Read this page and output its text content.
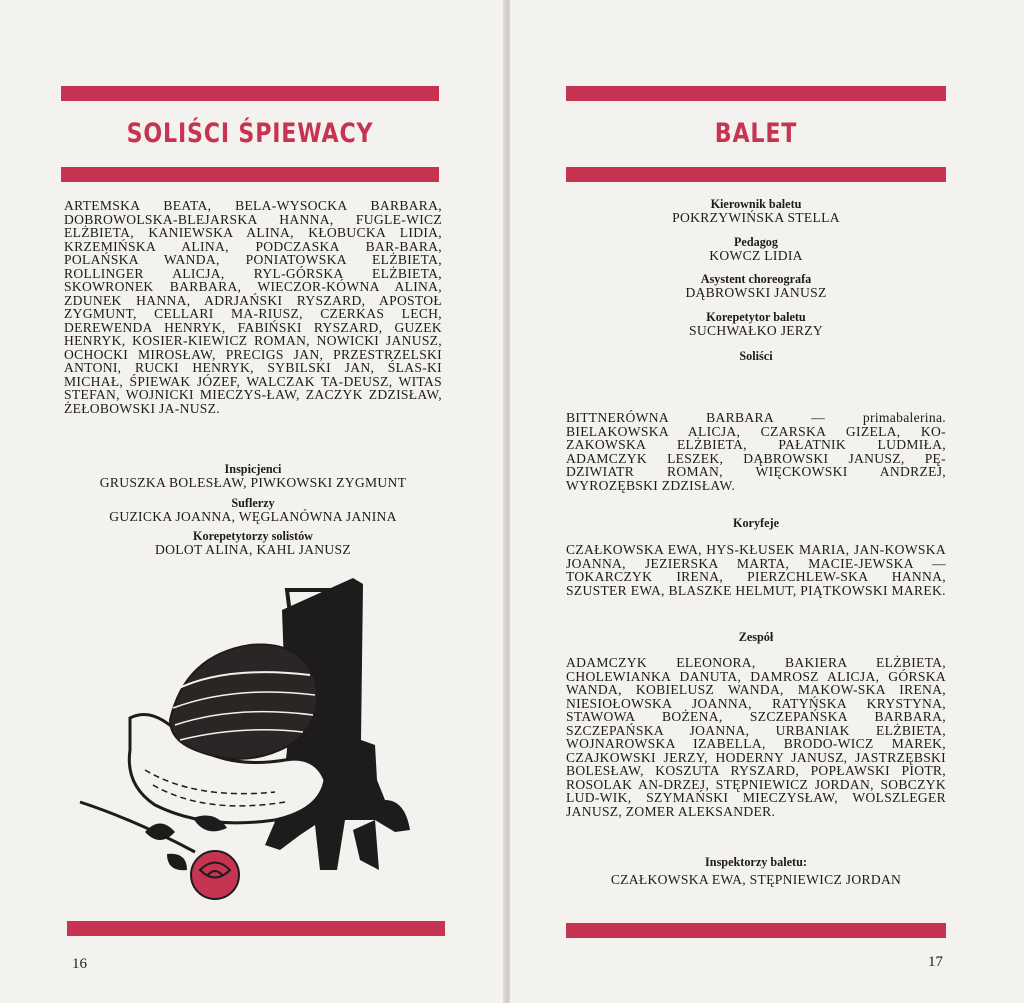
SOLIŚCI ŚPIEWACY
ARTEMSKA BEATA, BELA-WYSOCKA BARBARA, DOBROWOLSKA-BLEJARSKA HANNA, FUGLE-WICZ ELŻBIETA, KANIEWSKA ALINA, KŁOBUCKA LIDIA, KRZEMIŃSKA ALINA, PODCZASKA BAR-BARA, POLAŃSKA WANDA, PONIATOWSKA ELŻBIETA, ROLLINGER ALICJA, RYL-GÓRSKA ELŻBIETA, SKOWRONEK BARBARA, WIECZOR-KÓWNA ALINA, ZDUNEK HANNA, ADRJAŃSKI RYSZARD, APOSTOŁ ZYGMUNT, CELLARI MA-RIUSZ, CZERKAS LECH, DEREWENDA HENRYK, FABIŃSKI RYSZARD, GUZEK HENRYK, KOSIER-KIEWICZ ROMAN, NOWICKI JANUSZ, OCHOCKI MIROSŁAW, PRECIGS JAN, PRZESTRZELSKI ANTONI, RUCKI HENRYK, SYBILSKI JAN, ŚLAS-KI MICHAŁ, ŚPIEWAK JÓZEF, WALCZAK TA-DEUSZ, WITAS STEFAN, WOJNICKI MIECZYS-ŁAW, ZACZYK ZDZISŁAW, ŻEŁOBOWSKI JA-NUSZ.
Inspicjenci
GRUSZKA BOLESŁAW, PIWKOWSKI ZYGMUNT
Suflerzy
GUZICKA JOANNA, WĘGLANÓWNA JANINA
Korepetytorzy solistów
DOLOT ALINA, KAHL JANUSZ
16
BALET
Kierownik baletu
POKRZYWIŃSKA STELLA
Pedagog
KOWCZ LIDIA
Asystent choreografa
DĄBROWSKI JANUSZ
Korepetytor baletu
SUCHWAŁKO JERZY
Soliści
BITTNERÓWNA BARBARA — primabalerina. BIELAKOWSKA ALICJA, CZARSKA GIZELA, KO-ZAKOWSKA ELŻBIETA, PAŁATNIK LUDMIŁA, ADAMCZYK LESZEK, DĄBROWSKI JANUSZ, PĘ-DZIWIATR ROMAN, WIĘCKOWSKI ANDRZEJ, WYROZĘBSKI ZDZISŁAW.
Koryfeje
CZAŁKOWSKA EWA, HYS-KŁUSEK MARIA, JAN-KOWSKA JOANNA, JEZIERSKA MARTA, MACIE-JEWSKA — TOKARCZYK IRENA, PIERZCHLEW-SKA HANNA, SZUSTER EWA, BLASZKE HELMUT, PIĄTKOWSKI MAREK.
Zespół
ADAMCZYK ELEONORA, BAKIERA ELŻBIETA, CHOLEWIANKA DANUTA, DAMROSZ ALICJA, GÓRSKA WANDA, KOBIELUSZ WANDA, MAKOW-SKA IRENA, NIESIOŁOWSKA JOANNA, RATYŃSKA KRYSTYNA, STAWOWA BOŻENA, SZCZEPAŃSKA BARBARA, SZCZEPAŃSKA JOANNA, URBANIAK ELŻBIETA, WOJNAROWSKA IZABELLA, BRODO-WICZ MAREK, CZAJKOWSKI JERZY, HODERNY JANUSZ, JASTRZĘBSKI BOLESŁAW, KOSZUTA RYSZARD, POPŁAWSKI PIOTR, ROSOLAK AN-DRZEJ, STĘPNIEWICZ JORDAN, SOBCZYK LUD-WIK, SZYMAŃSKI MIECZYSŁAW, WOLSZLEGER JANUSZ, ZOMER ALEKSANDER.
Inspektorzy baletu:
CZAŁKOWSKA EWA, STĘPNIEWICZ JORDAN
17
